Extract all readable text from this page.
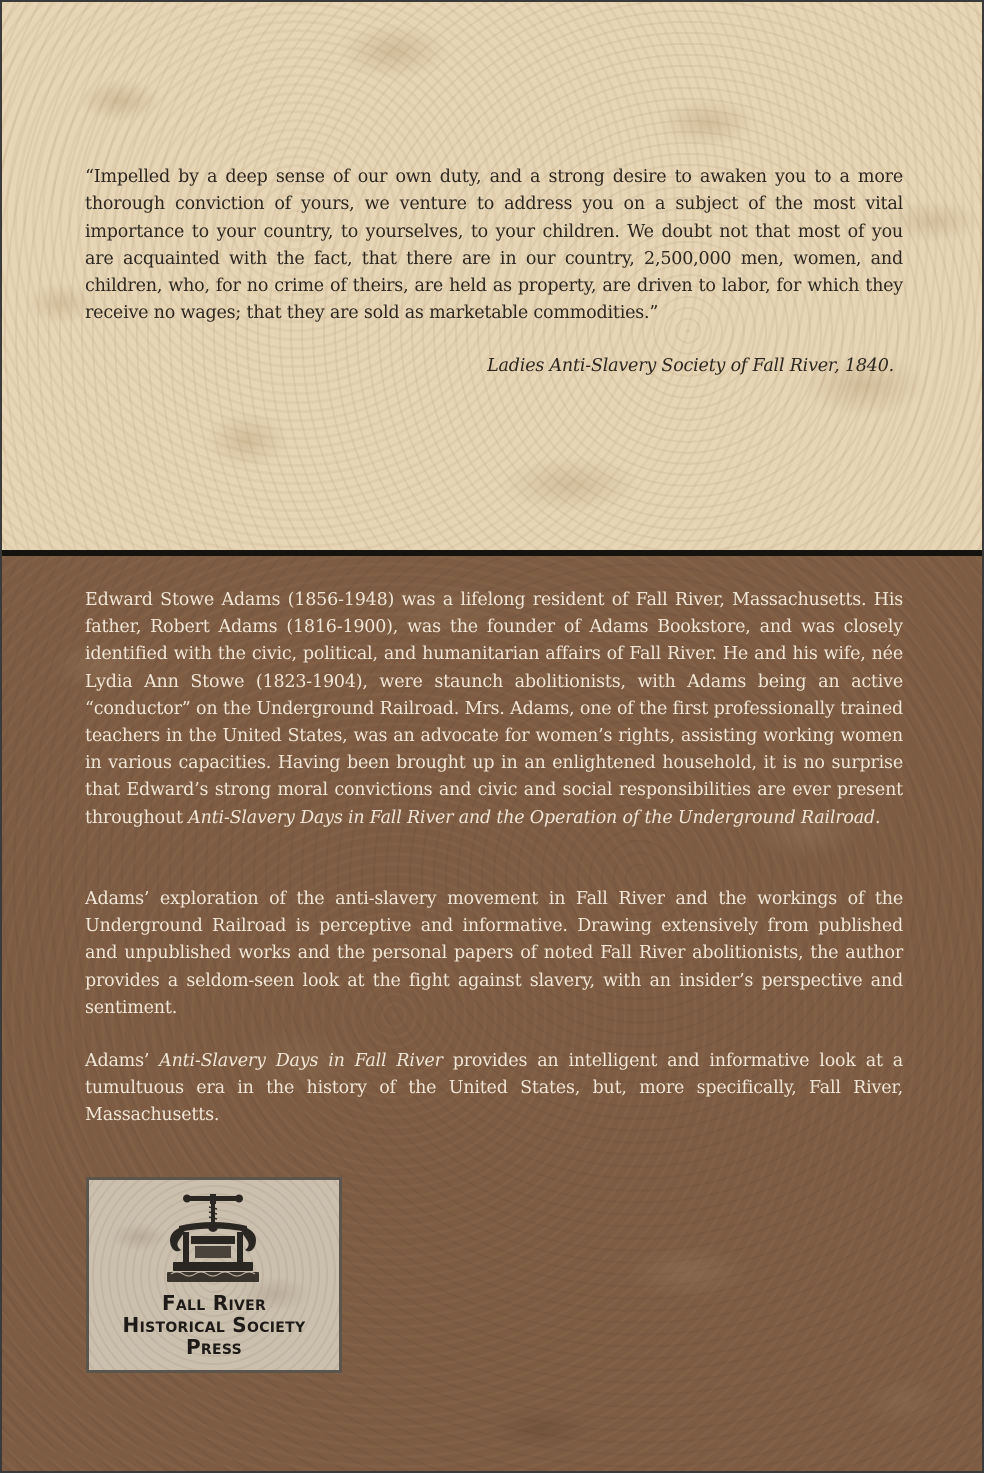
“Impelled by a deep sense of our own duty, and a strong desire to awaken you to a more thorough conviction of yours, we venture to address you on a subject of the most vital importance to your country, to yourselves, to your children. We doubt not that most of you are acquainted with the fact, that there are in our country, 2,500,000 men, women, and children, who, for no crime of theirs, are held as property, are driven to labor, for which they receive no wages; that they are sold as marketable commodities.”

Ladies Anti-Slavery Society of Fall River, 1840.

Edward Stowe Adams (1856-1948) was a lifelong resident of Fall River, Massachusetts. His father, Robert Adams (1816-1900), was the founder of Adams Bookstore, and was closely identified with the civic, political, and humanitarian affairs of Fall River. He and his wife, née Lydia Ann Stowe (1823-1904), were staunch abolitionists, with Adams being an active “conductor” on the Underground Railroad. Mrs. Adams, one of the first professionally trained teachers in the United States, was an advocate for women’s rights, assisting working women in various capacities. Having been brought up in an enlightened household, it is no surprise that Edward’s strong moral convictions and civic and social responsibilities are ever present throughout Anti-Slavery Days in Fall River and the Operation of the Underground Railroad.

Adams’ exploration of the anti-slavery movement in Fall River and the workings of the Underground Railroad is perceptive and informative. Drawing extensively from published and unpublished works and the personal papers of noted Fall River abolitionists, the author provides a seldom-seen look at the fight against slavery, with an insider’s perspective and sentiment.

Adams’ Anti-Slavery Days in Fall River provides an intelligent and informative look at a tumultuous era in the history of the United States, but, more specifically, Fall River, Massachusetts.

Fall River
Historical Society
Press
